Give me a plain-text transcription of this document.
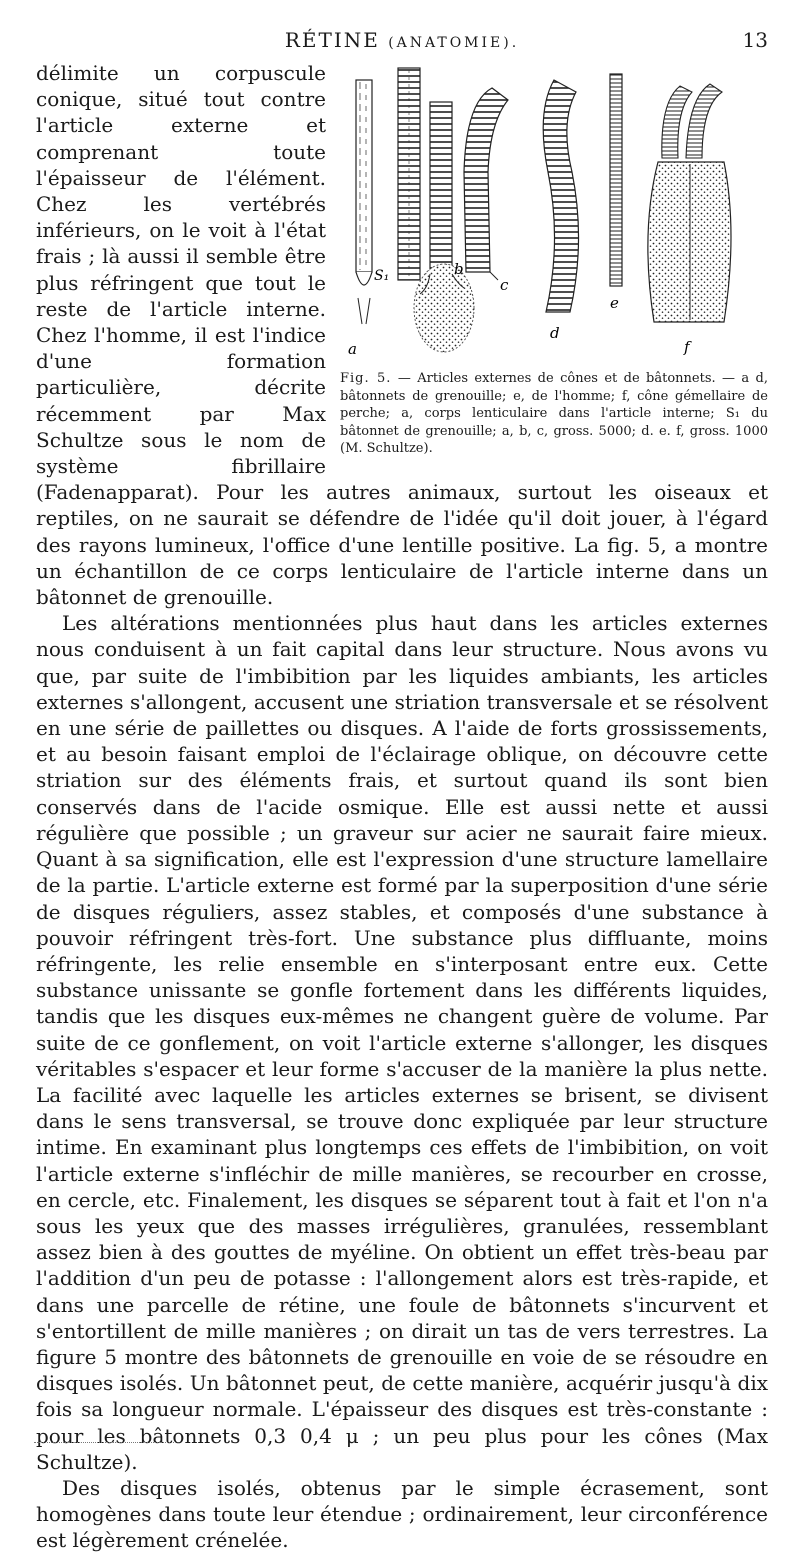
RÉTINE (ANATOMIE).	13
a
S₁	b
c
d
e
f
Fig. 5. — Articles externes de cônes et de bâtonnets. — a d, bâtonnets de grenouille; e, de l'homme; f, cône gémellaire de perche; a, corps lenticulaire dans l'article interne; S₁ du bâtonnet de grenouille; a, b, c, gross. 5000; d. e. f, gross. 1000 (M. Schultze).

délimite un corpuscule conique, situé tout contre l'article externe et comprenant toute l'épaisseur de l'élément. Chez les vertébrés inférieurs, on le voit à l'état frais ; là aussi il semble être plus réfringent que tout le reste de l'article interne. Chez l'homme, il est l'indice d'une formation particulière, décrite récemment par Max Schultze sous le nom de système fibrillaire (Fadenapparat). Pour les autres animaux, surtout les oiseaux et reptiles, on ne saurait se défendre de l'idée qu'il doit jouer, à l'égard des rayons lumineux, l'office d'une lentille positive. La fig. 5, a montre un échantillon de ce corps lenticulaire de l'article interne dans un bâtonnet de grenouille.

Les altérations mentionnées plus haut dans les articles externes nous conduisent à un fait capital dans leur structure. Nous avons vu que, par suite de l'imbibition par les liquides ambiants, les articles externes s'allongent, accusent une striation transversale et se résolvent en une série de paillettes ou disques. A l'aide de forts grossissements, et au besoin faisant emploi de l'éclairage oblique, on découvre cette striation sur des éléments frais, et surtout quand ils sont bien conservés dans de l'acide osmique. Elle est aussi nette et aussi régulière que possible ; un graveur sur acier ne saurait faire mieux. Quant à sa signification, elle est l'expression d'une structure lamellaire de la partie. L'article externe est formé par la superposition d'une série de disques réguliers, assez stables, et composés d'une substance à pouvoir réfringent très-fort. Une substance plus diffluante, moins réfringente, les relie ensemble en s'interposant entre eux. Cette substance unissante se gonfle fortement dans les différents liquides, tandis que les disques eux-mêmes ne changent guère de volume. Par suite de ce gonflement, on voit l'article externe s'allonger, les disques véritables s'espacer et leur forme s'accuser de la manière la plus nette. La facilité avec laquelle les articles externes se brisent, se divisent dans le sens transversal, se trouve donc expliquée par leur structure intime. En examinant plus longtemps ces effets de l'imbibition, on voit l'article externe s'infléchir de mille manières, se recourber en crosse, en cercle, etc. Finalement, les disques se séparent tout à fait et l'on n'a sous les yeux que des masses irrégulières, granulées, ressemblant assez bien à des gouttes de myéline. On obtient un effet très-beau par l'addition d'un peu de potasse : l'allongement alors est très-rapide, et dans une parcelle de rétine, une foule de bâtonnets s'incurvent et s'entortillent de mille manières ; on dirait un tas de vers terrestres. La figure 5 montre des bâtonnets de grenouille en voie de se résoudre en disques isolés. Un bâtonnet peut, de cette manière, acquérir jusqu'à dix fois sa longueur normale. L'épaisseur des disques est très-constante : pour les bâtonnets 0,3 0,4 μ ; un peu plus pour les cônes (Max Schultze).

Des disques isolés, obtenus par le simple écrasement, sont homogènes dans toute leur étendue ; ordinairement, leur circonférence est légèrement crénelée.
